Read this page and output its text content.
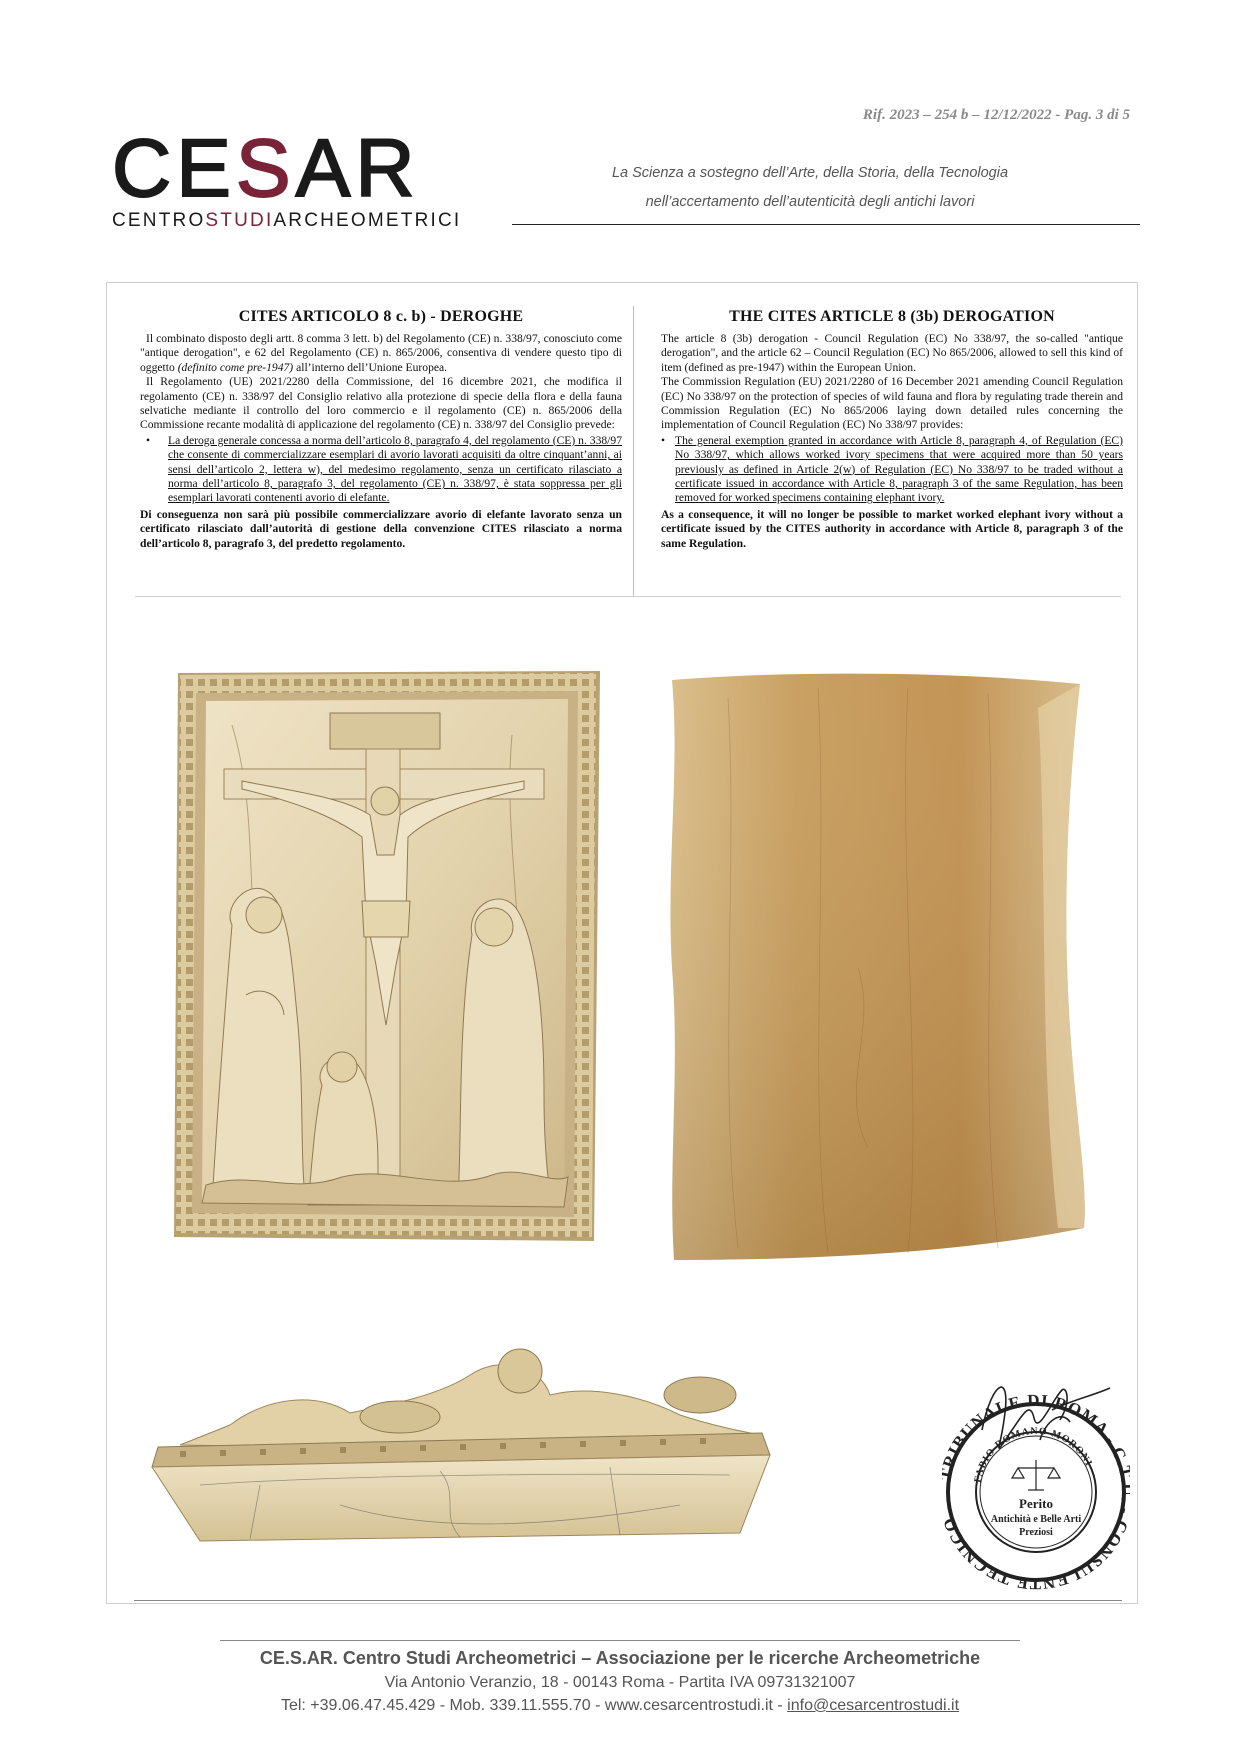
Rif. 2023 – 254 b – 12/12/2022 - Pag. 3 di 5
CESAR
CENTROSTUDIARCHEOMETRICI
La Scienza a sostegno dell’Arte, della Storia, della Tecnologia
nell’accertamento dell’autenticità degli antichi lavori
CITES ARTICOLO 8 c. b) - DEROGHE

Il combinato disposto degli artt. 8 comma 3 lett. b) del Regolamento (CE) n. 338/97, conosciuto come "antique derogation", e 62 del Regolamento (CE) n. 865/2006, consentiva di vendere questo tipo di oggetto (definito come pre-1947) all’interno dell’Unione Europea.

Il Regolamento (UE) 2021/2280 della Commissione, del 16 dicembre 2021, che modifica il regolamento (CE) n. 338/97 del Consiglio relativo alla protezione di specie della flora e della fauna selvatiche mediante il controllo del loro commercio e il regolamento (CE) n. 865/2006 della Commissione recante modalità di applicazione del regolamento (CE) n. 338/97 del Consiglio prevede:

• La deroga generale concessa a norma dell’articolo 8, paragrafo 4, del regolamento (CE) n. 338/97 che consente di commercializzare esemplari di avorio lavorati acquisiti da oltre cinquant’anni, ai sensi dell’articolo 2, lettera w), del medesimo regolamento, senza un certificato rilasciato a norma dell’articolo 8, paragrafo 3, del regolamento (CE) n. 338/97, è stata soppressa per gli esemplari lavorati contenenti avorio di elefante.

Di conseguenza non sarà più possibile commercializzare avorio di elefante lavorato senza un certificato rilasciato dall’autorità di gestione della convenzione CITES rilasciato a norma dell’articolo 8, paragrafo 3, del predetto regolamento.

THE CITES ARTICLE 8 (3b) DEROGATION

The article 8 (3b) derogation - Council Regulation (EC) No 338/97, the so-called "antique derogation", and the article 62 – Council Regulation (EC) No 865/2006, allowed to sell this kind of item (defined as pre-1947) within the European Union.

The Commission Regulation (EU) 2021/2280 of 16 December 2021 amending Council Regulation (EC) No 338/97 on the protection of species of wild fauna and flora by regulating trade therein and Commission Regulation (EC) No 865/2006 laying down detailed rules concerning the implementation of Council Regulation (EC) No 338/97 provides:

• The general exemption granted in accordance with Article 8, paragraph 4, of Regulation (EC) No 338/97, which allows worked ivory specimens that were acquired more than 50 years previously as defined in Article 2(w) of Regulation (EC) No 338/97 to be traded without a certificate issued in accordance with Article 8, paragraph 3 of the same Regulation, has been removed for worked specimens containing elephant ivory.

As a consequence, it will no longer be possible to market worked elephant ivory without a certificate issued by the CITES authority in accordance with Article 8, paragraph 3 of the same Regulation.

IBUNALE DI ROMA - C CONSULENTE TECNIC
FABIO ROMANO MORONI
Perito
Antichità e Belle Arti
Preziosi
CE.S.AR. Centro Studi Archeometrici – Associazione per le ricerche Archeometriche
Via Antonio Veranzio, 18 - 00143 Roma - Partita IVA 09731321007
Tel: +39.06.47.45.429 - Mob. 339.11.555.70 - www.cesarcentrostudi.it - info@cesarcentrostudi.it
